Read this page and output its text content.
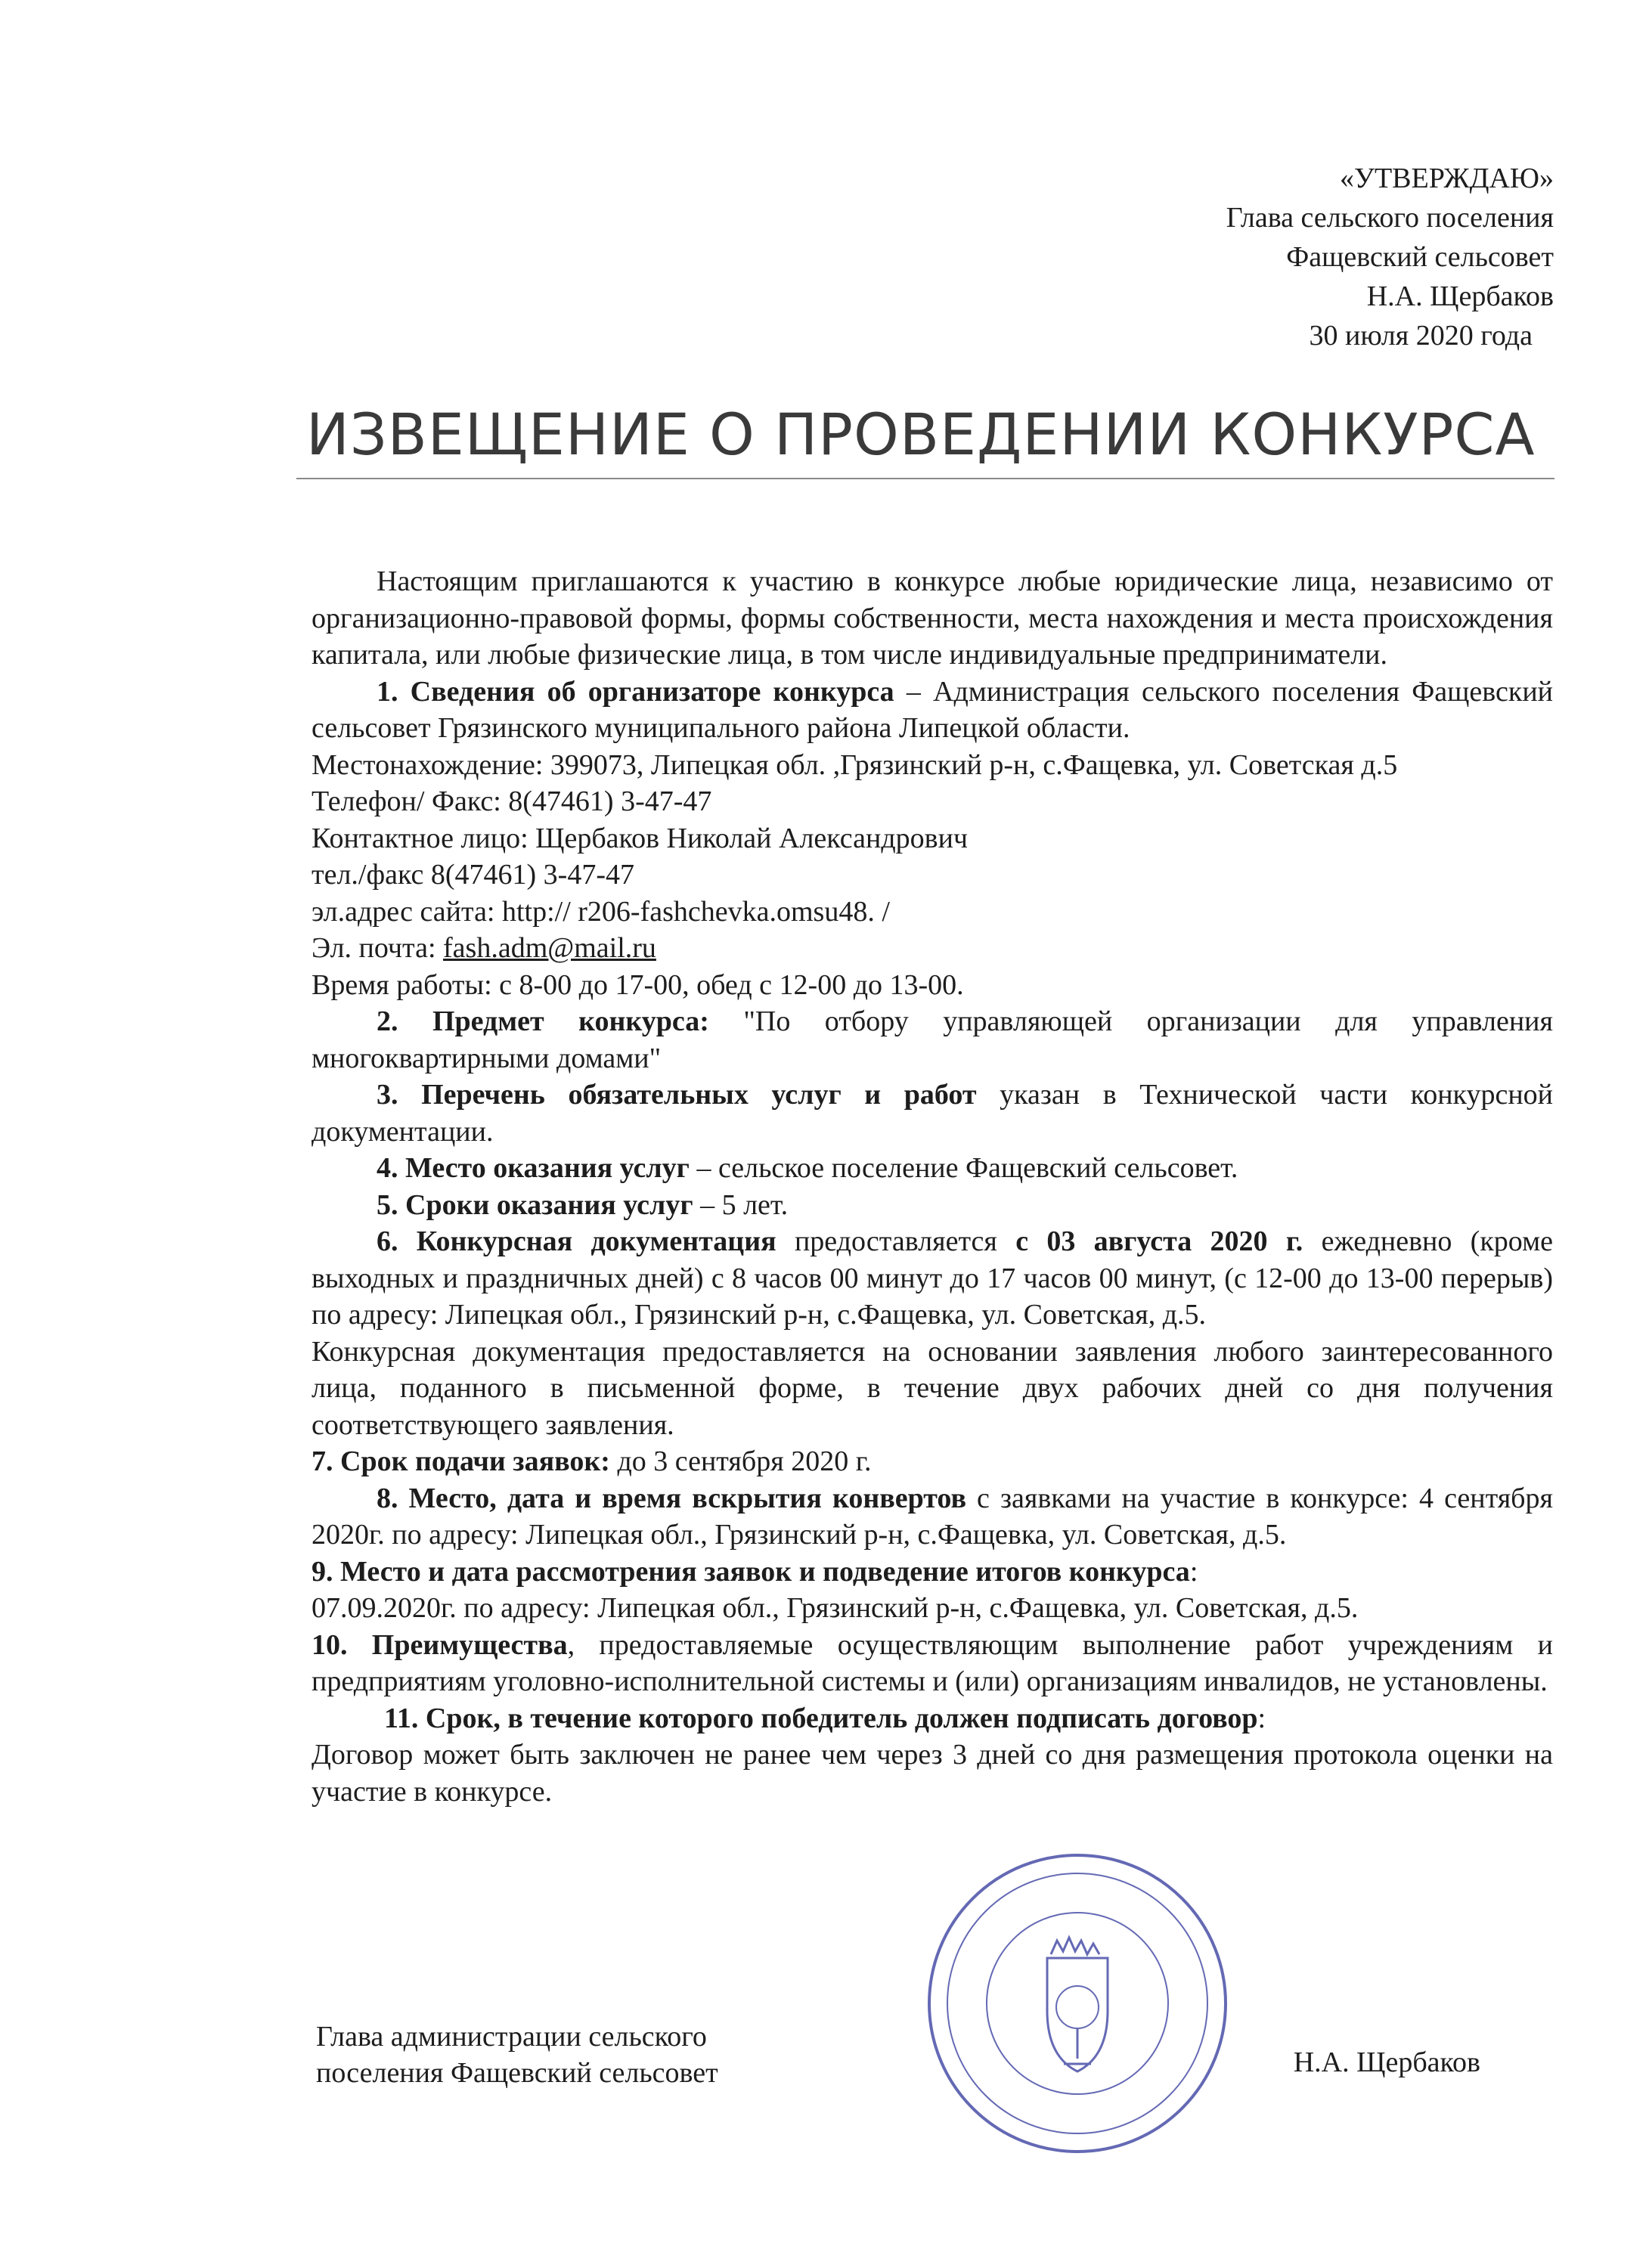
«УТВЕРЖДАЮ»
Глава сельского поселения
Фащевский сельсовет
Н.А. Щербаков
30 июля 2020 года
ИЗВЕЩЕНИЕ О ПРОВЕДЕНИИ КОНКУРСА

Настоящим приглашаются к участию в конкурсе любые юридические лица, независимо от организационно-правовой формы, формы собственности, места нахождения и места происхождения капитала, или любые физические лица, в том числе индивидуальные предприниматели.

1. Сведения об организаторе конкурса – Администрация сельского поселения Фащевский сельсовет Грязинского муниципального района Липецкой области.

Местонахождение: 399073, Липецкая обл. ,Грязинский р-н, с.Фащевка, ул. Советская д.5

Телефон/ Факс: 8(47461) 3-47-47

Контактное лицо: Щербаков Николай Александрович

тел./факс 8(47461) 3-47-47

эл.адрес сайта: http:// r206-fashchevka.omsu48. /

Эл. почта: fash.adm@mail.ru

Время работы: с 8-00 до 17-00, обед с 12-00 до 13-00.

2. Предмет конкурса: "По отбору управляющей организации для управления многоквартирными домами"

3. Перечень обязательных услуг и работ указан в Технической части конкурсной документации.

4. Место оказания услуг – сельское поселение Фащевский сельсовет.

5. Сроки оказания услуг – 5 лет.

6. Конкурсная документация предоставляется с 03 августа 2020 г. ежедневно (кроме выходных и праздничных дней) с 8 часов 00 минут до 17 часов 00 минут, (с 12-00 до 13-00 перерыв) по адресу: Липецкая обл., Грязинский р-н, с.Фащевка, ул. Советская, д.5.

Конкурсная документация предоставляется на основании заявления любого заинтересованного лица, поданного в письменной форме, в течение двух рабочих дней со дня получения соответствующего заявления.

7. Срок подачи заявок: до 3 сентября 2020 г.

8. Место, дата и время вскрытия конвертов с заявками на участие в конкурсе: 4 сентября 2020г. по адресу: Липецкая обл., Грязинский р-н, с.Фащевка, ул. Советская, д.5.

9. Место и дата рассмотрения заявок и подведение итогов конкурса:

07.09.2020г. по адресу: Липецкая обл., Грязинский р-н, с.Фащевка, ул. Советская, д.5.

10. Преимущества, предоставляемые осуществляющим выполнение работ учреждениям и предприятиям уголовно-исполнительной системы и (или) организациям инвалидов, не установлены.

11. Срок, в течение которого победитель должен подписать договор:

Договор может быть заключен не ранее чем через 3 дней со дня размещения протокола оценки на участие в конкурсе.

Глава администрации сельского
поселения Фащевский сельсовет	Н.А. Щербаков
